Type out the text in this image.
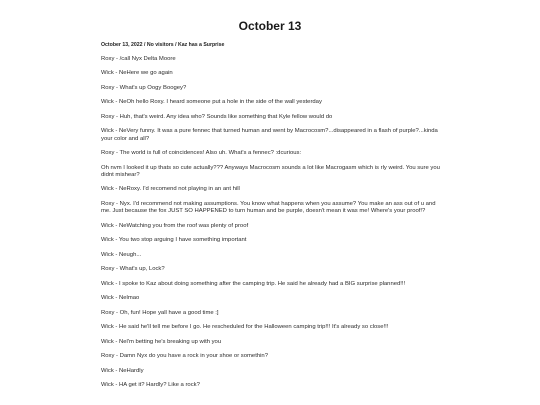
October 13
October 13, 2022 / No visitors / Kaz has a Surprise
Roxy - /call Nyx Delta Moore
Wick - NeHere we go again
Roxy - What's up Oogy Boogey?
Wick - NeOh hello Roxy. I heard someone put a hole in the side of the wall yesterday
Roxy - Huh, that's weird. Any idea who? Sounds like something that Kyle fellow would do
Wick - NeVery funny. It was a pure fennec that turned human and went by Macrocosm?...disappeared in a flash of purple?...kinda your color and all?
Roxy - The world is full of coincidences! Also uh. What's a fennec? :dcurious:
Oh nvm I looked it up thats so cute actually??? Anyways Macrocosm sounds a lot like Macrogasm which is rly weird. You sure you didnt mishear?
Wick - NeRoxy. I'd recomend not playing in an ant hill
Roxy - Nyx. I'd recommend not making assumptions. You know what happens when you assume? You make an ass out of u and me. Just because the fox JUST SO HAPPENED to turn human and be purple, doesn't mean it was me! Where's your proof!?
Wick - NeWatching you from the roof was plenty of proof
Wick - You two stop arguing I have something important
Wick - Neugh...
Roxy - What's up, Lock?
Wick - I spoke to Kaz about doing something after the camping trip. He said he already had a BIG surprise planned!!!
Wick - Nelmao
Roxy - Oh, fun! Hope yall have a good time :]
Wick - He said he'll tell me before I go. He rescheduled for the Halloween camping trip!!! It's already so close!!!
Wick - Nel'm betting he's breaking up with you
Roxy - Damn Nyx do you have a rock in your shoe or somethin?
Wick - NeHardly
Wick - HA get it? Hardly? Like a rock?
